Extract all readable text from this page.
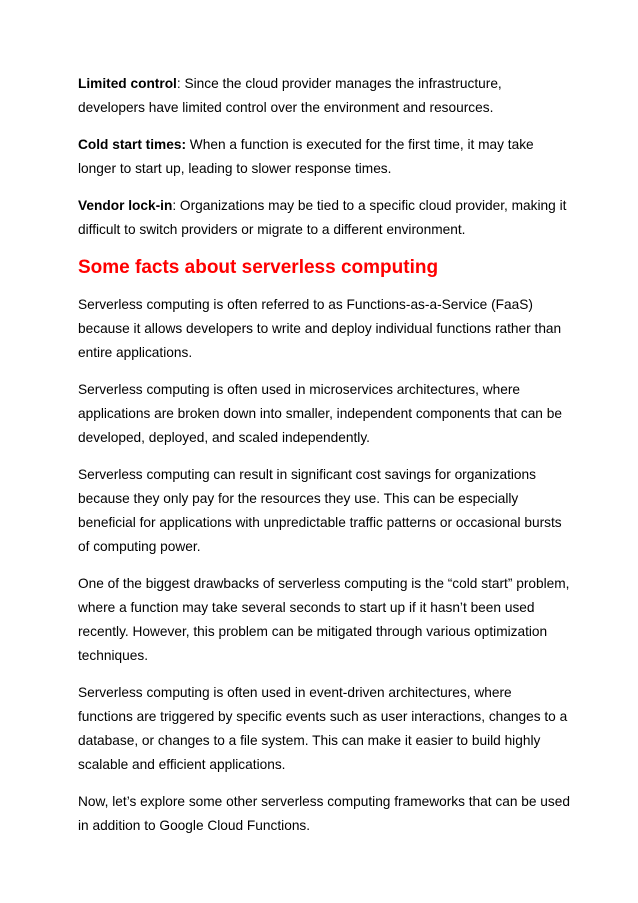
Limited control: Since the cloud provider manages the infrastructure, developers have limited control over the environment and resources.

Cold start times: When a function is executed for the first time, it may take longer to start up, leading to slower response times.

Vendor lock-in: Organizations may be tied to a specific cloud provider, making it difficult to switch providers or migrate to a different environment.

Some facts about serverless computing

Serverless computing is often referred to as Functions-as-a-Service (FaaS) because it allows developers to write and deploy individual functions rather than entire applications.

Serverless computing is often used in microservices architectures, where applications are broken down into smaller, independent components that can be developed, deployed, and scaled independently.

Serverless computing can result in significant cost savings for organizations because they only pay for the resources they use. This can be especially beneficial for applications with unpredictable traffic patterns or occasional bursts of computing power.

One of the biggest drawbacks of serverless computing is the “cold start” problem, where a function may take several seconds to start up if it hasn’t been used recently. However, this problem can be mitigated through various optimization techniques.

Serverless computing is often used in event-driven architectures, where functions are triggered by specific events such as user interactions, changes to a database, or changes to a file system. This can make it easier to build highly scalable and efficient applications.

Now, let’s explore some other serverless computing frameworks that can be used in addition to Google Cloud Functions.
